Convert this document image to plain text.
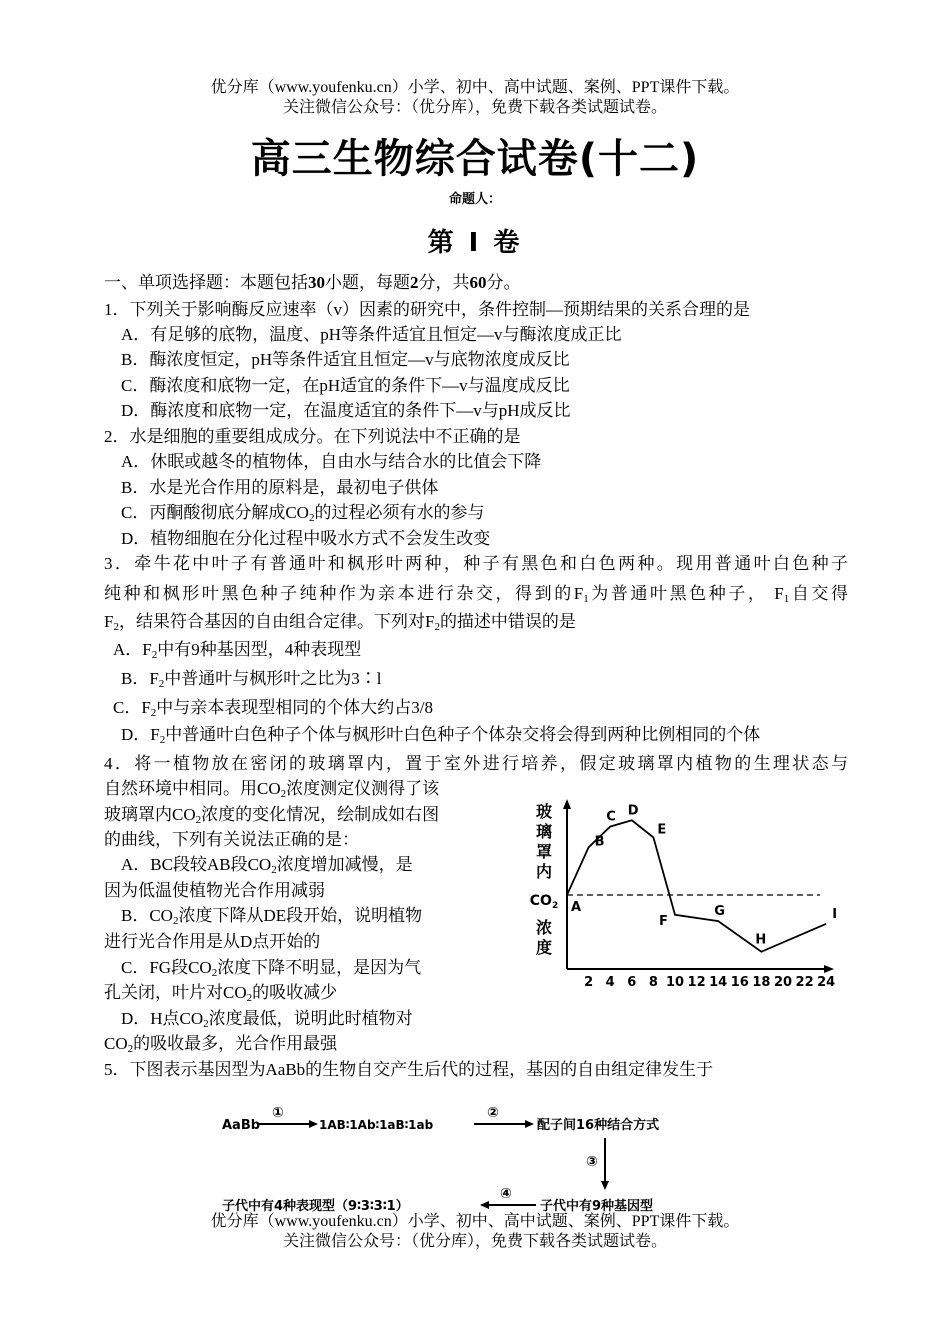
优分库（www.youfenku.cn）小学、初中、高中试题、案例、PPT课件下载。
关注微信公众号：（优分库），免费下载各类试题试卷。
高三生物综合试卷(十二)
命题人：
第 I 卷
一、单项选择题：本题包括30小题，每题2分，共60分。
1．下列关于影响酶反应速率（v）因素的研究中，条件控制—预期结果的关系合理的是
A．有足够的底物，温度、pH等条件适宜且恒定—v与酶浓度成正比
B．酶浓度恒定，pH等条件适宜且恒定—v与底物浓度成反比
C．酶浓度和底物一定，在pH适宜的条件下—v与温度成反比
D．酶浓度和底物一定，在温度适宜的条件下—v与pH成反比
2．水是细胞的重要组成成分。在下列说法中不正确的是
A．休眠或越冬的植物体，自由水与结合水的比值会下降
B．水是光合作用的原料是，最初电子供体
C．丙酮酸彻底分解成$CO_2$的过程必须有水的参与
D．植物细胞在分化过程中吸水方式不会发生改变
3．牵牛花中叶子有普通叶和枫形叶两种，种子有黑色和白色两种。现用普通叶白色种子
纯种和枫形叶黑色种子纯种作为亲本进行杂交，得到的$F_1$为普通叶黑色种子， $F_1$自交得
$F_2$，结果符合基因的自由组合定律。下列对$F_2$的描述中错误的是
A．$F_2$中有9种基因型，4种表现型
B．$F_2$中普通叶与枫形叶之比为3∶l
C．$F_2$中与亲本表现型相同的个体大约占3/8
D．$F_2$中普通叶白色种子个体与枫形叶白色种子个体杂交将会得到两种比例相同的个体
4．将一植物放在密闭的玻璃罩内，置于室外进行培养，假定玻璃罩内植物的生理状态与
自然环境中相同。用$CO_2$浓度测定仪测得了该
玻璃罩内$CO_2$浓度的变化情况，绘制成如右图
的曲线，下列有关说法正确的是：
A．BC段较AB段$CO_2$浓度增加减慢，是
因为低温使植物光合作用减弱
B．$CO_2$浓度下降从DE段开始，说明植物
进行光合作用是从D点开始的
C．FG段$CO_2$浓度下降不明显，是因为气
孔关闭，叶片对$CO_2$的吸收减少
D．H点$CO_2$浓度最低，说明此时植物对
$CO_2$的吸收最多，光合作用最强
玻
璃
罩
内
$CO_2$
浓
度
2 4 6 8 10 12 14 16 18 20 22 24
A
B
C D
E
F
G
H
I
5．下图表示基因型为AaBb的生物自交产生后代的过程，基因的自由组定律发生于
AaBb
①
1AB∶1Ab∶1aB∶1ab
②
配子间16种结合方式
③
子代中有9种基因型
④
子代中有4种表现型（9∶3∶3∶1）
优分库（www.youfenku.cn）小学、初中、高中试题、案例、PPT课件下载。
关注微信公众号：（优分库），免费下载各类试题试卷。
